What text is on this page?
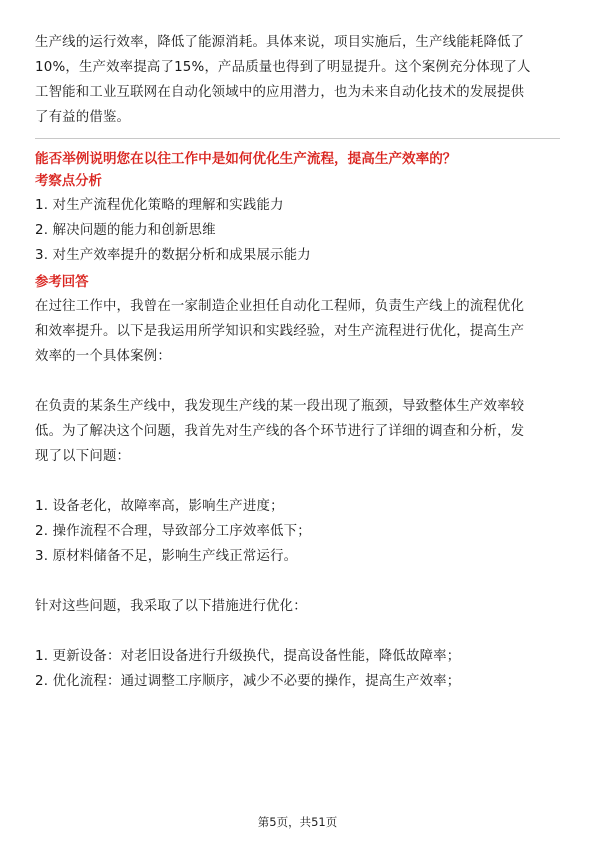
生产线的运行效率，降低了能源消耗。具体来说，项目实施后，生产线能耗降低了

10%，生产效率提高了15%，产品质量也得到了明显提升。这个案例充分体现了人

工智能和工业互联网在自动化领域中的应用潜力，也为未来自动化技术的发展提供

了有益的借鉴。

能否举例说明您在以往工作中是如何优化生产流程，提高生产效率的？
考察点分析

1. 对生产流程优化策略的理解和实践能力

2. 解决问题的能力和创新思维

3. 对生产效率提升的数据分析和成果展示能力

参考回答

在过往工作中，我曾在一家制造企业担任自动化工程师，负责生产线上的流程优化

和效率提升。以下是我运用所学知识和实践经验，对生产流程进行优化，提高生产

效率的一个具体案例：

在负责的某条生产线中，我发现生产线的某一段出现了瓶颈，导致整体生产效率较

低。为了解决这个问题，我首先对生产线的各个环节进行了详细的调查和分析，发

现了以下问题：

1. 设备老化，故障率高，影响生产进度；

2. 操作流程不合理，导致部分工序效率低下；

3. 原材料储备不足，影响生产线正常运行。

针对这些问题，我采取了以下措施进行优化：

1. 更新设备：对老旧设备进行升级换代，提高设备性能，降低故障率；

2. 优化流程：通过调整工序顺序，减少不必要的操作，提高生产效率；

第5页，共51页
